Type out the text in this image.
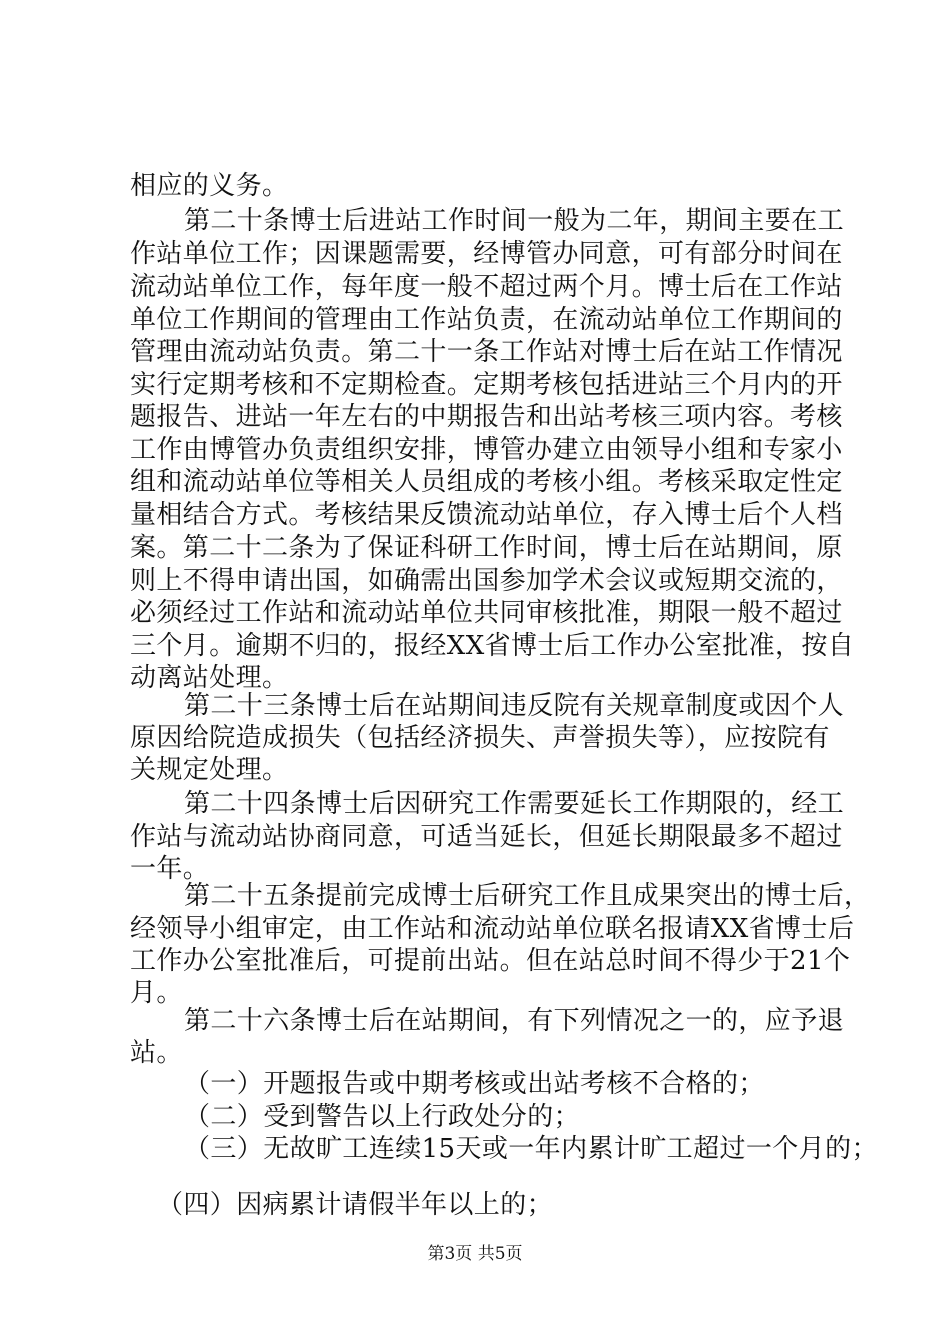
相应的义务。
第二十条博士后进站工作时间一般为二年，期间主要在工
作站单位工作；因课题需要，经博管办同意，可有部分时间在
流动站单位工作，每年度一般不超过两个月。博士后在工作站
单位工作期间的管理由工作站负责，在流动站单位工作期间的
管理由流动站负责。第二十一条工作站对博士后在站工作情况
实行定期考核和不定期检查。定期考核包括进站三个月内的开
题报告、进站一年左右的中期报告和出站考核三项内容。考核
工作由博管办负责组织安排，博管办建立由领导小组和专家小
组和流动站单位等相关人员组成的考核小组。考核采取定性定
量相结合方式。考核结果反馈流动站单位，存入博士后个人档
案。第二十二条为了保证科研工作时间，博士后在站期间，原
则上不得申请出国，如确需出国参加学术会议或短期交流的，
必须经过工作站和流动站单位共同审核批准，期限一般不超过
三个月。逾期不归的，报经XX省博士后工作办公室批准，按自
动离站处理。
第二十三条博士后在站期间违反院有关规章制度或因个人
原因给院造成损失（包括经济损失、声誉损失等），应按院有
关规定处理。
第二十四条博士后因研究工作需要延长工作期限的，经工
作站与流动站协商同意，可适当延长，但延长期限最多不超过
一年。
第二十五条提前完成博士后研究工作且成果突出的博士后，
经领导小组审定，由工作站和流动站单位联名报请XX省博士后
工作办公室批准后，可提前出站。但在站总时间不得少于21个
月。
第二十六条博士后在站期间，有下列情况之一的，应予退
站。
（一）开题报告或中期考核或出站考核不合格的；
（二）受到警告以上行政处分的；
（三）无故旷工连续15天或一年内累计旷工超过一个月的；
（四）因病累计请假半年以上的；
第3页 共5页
